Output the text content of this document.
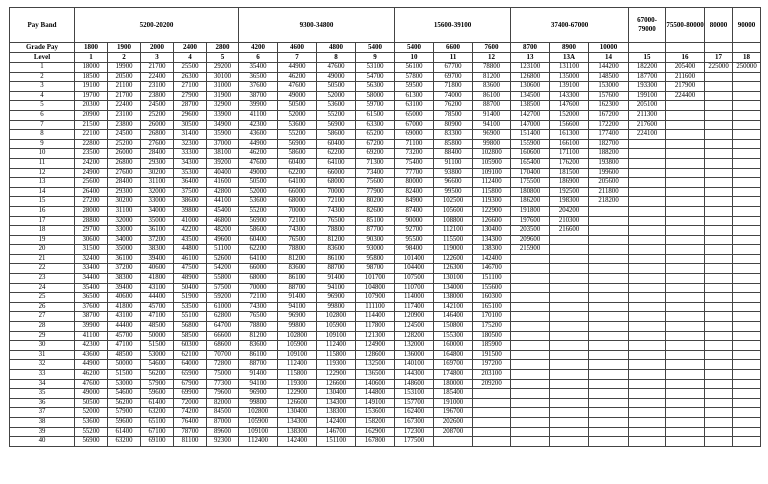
Pay Band	5200-20200					9300-34800				15600-39100			37400-67000			67000-79000	75500-80000	80000	90000
Grade Pay	1800	1900	2000	2400	2800	4200	4600	4800	5400	5400	6600	7600	8700	8900	10000				
Level	1	2	3	4	5	6	7	8	9	10	11	12	13	13A	14	15	16	17	18
1	18000	19900	21700	25500	29200	35400	44900	47600	53100	56100	67700	78800	123100	131100	144200	182200	205400	225000	250000
2	18500	20500	22400	26300	30100	36500	46200	49000	54700	57800	69700	81200	126800	135000	148500	187700	211600		
3	19100	21100	23100	27100	31000	37600	47600	50500	56300	59500	71800	83600	130600	139100	153000	193300	217900		
4	19700	21700	23800	27900	31900	38700	49000	52000	58000	61300	74000	86100	134500	143300	157600	199100	224400		
5	20300	22400	24500	28700	32900	39900	50500	53600	59700	63100	76200	88700	138500	147600	162300	205100			
6	20900	23100	25200	29600	33900	41100	52000	55200	61500	65000	78500	91400	142700	152000	167200	211300			
7	21500	23800	26000	30500	34900	42300	53600	56900	63300	67000	80900	94100	147000	156600	172200	217600			
8	22100	24500	26800	31400	35900	43600	55200	58600	65200	69000	83300	96900	151400	161300	177400	224100			
9	22800	25200	27600	32300	37000	44900	56900	60400	67200	71100	85800	99800	155900	166100	182700				
10	23500	26000	28400	33300	38100	46200	58600	62200	69200	73200	88400	102800	160600	171100	188200				
11	24200	26800	29300	34300	39200	47600	60400	64100	71300	75400	91100	105900	165400	176200	193800				
12	24900	27600	30200	35300	40400	49000	62200	66000	73400	77700	93800	109100	170400	181500	199600				
13	25600	28400	31100	36400	41600	50500	64100	68000	75600	80000	96600	112400	175500	186900	205600				
14	26400	29300	32000	37500	42800	52000	66000	70000	77900	82400	99500	115800	180800	192500	211800				
15	27200	30200	33000	38600	44100	53600	68000	72100	80200	84900	102500	119300	186200	198300	218200				
16	28000	31100	34000	39800	45400	55200	70000	74300	82600	87400	105600	122900	191800	204200					
17	28800	32000	35000	41000	46800	56900	72100	76500	85100	90000	108800	126600	197600	210300					
18	29700	33000	36100	42200	48200	58600	74300	78800	87700	92700	112100	130400	203500	216600					
19	30600	34000	37200	43500	49600	60400	76500	81200	90300	95500	115500	134300	209600						
20	31500	35000	38300	44800	51100	62200	78800	83600	93000	98400	119000	138300	215900						
21	32400	36100	39400	46100	52600	64100	81200	86100	95800	101400	122600	142400							
22	33400	37200	40600	47500	54200	66000	83600	88700	98700	104400	126300	146700							
23	34400	38300	41800	48900	55800	68000	86100	91400	101700	107500	130100	151100							
24	35400	39400	43100	50400	57500	70000	88700	94100	104800	110700	134000	155600							
25	36500	40600	44400	51900	59200	72100	91400	96900	107900	114000	138000	160300							
26	37600	41800	45700	53500	61000	74300	94100	99800	111100	117400	142100	165100							
27	38700	43100	47100	55100	62800	76500	96900	102800	114400	120900	146400	170100							
28	39900	44400	48500	56800	64700	78800	99800	105900	117800	124500	150800	175200							
29	41100	45700	50000	58500	66600	81200	102800	109100	121300	128200	155300	180500							
30	42300	47100	51500	60300	68600	83600	105900	112400	124900	132000	160000	185900							
31	43600	48500	53000	62100	70700	86100	109100	115800	128600	136000	164800	191500							
32	44900	50000	54600	64000	72800	88700	112400	119300	132500	140100	169700	197200							
33	46200	51500	56200	65900	75000	91400	115800	122900	136500	144300	174800	203100							
34	47600	53000	57900	67900	77300	94100	119300	126600	140600	148600	180000	209200							
35	49000	54600	59600	69900	79600	96900	122900	130400	144800	153100	185400								
36	50500	56200	61400	72000	82000	99800	126600	134300	149100	157700	191000								
37	52000	57900	63200	74200	84500	102800	130400	138300	153600	162400	196700								
38	53600	59600	65100	76400	87000	105900	134300	142400	158200	167300	202600								
39	55200	61400	67100	78700	89600	109100	138300	146700	162900	172300	208700								
40	56900	63200	69100	81100	92300	112400	142400	151100	167800	177500									
